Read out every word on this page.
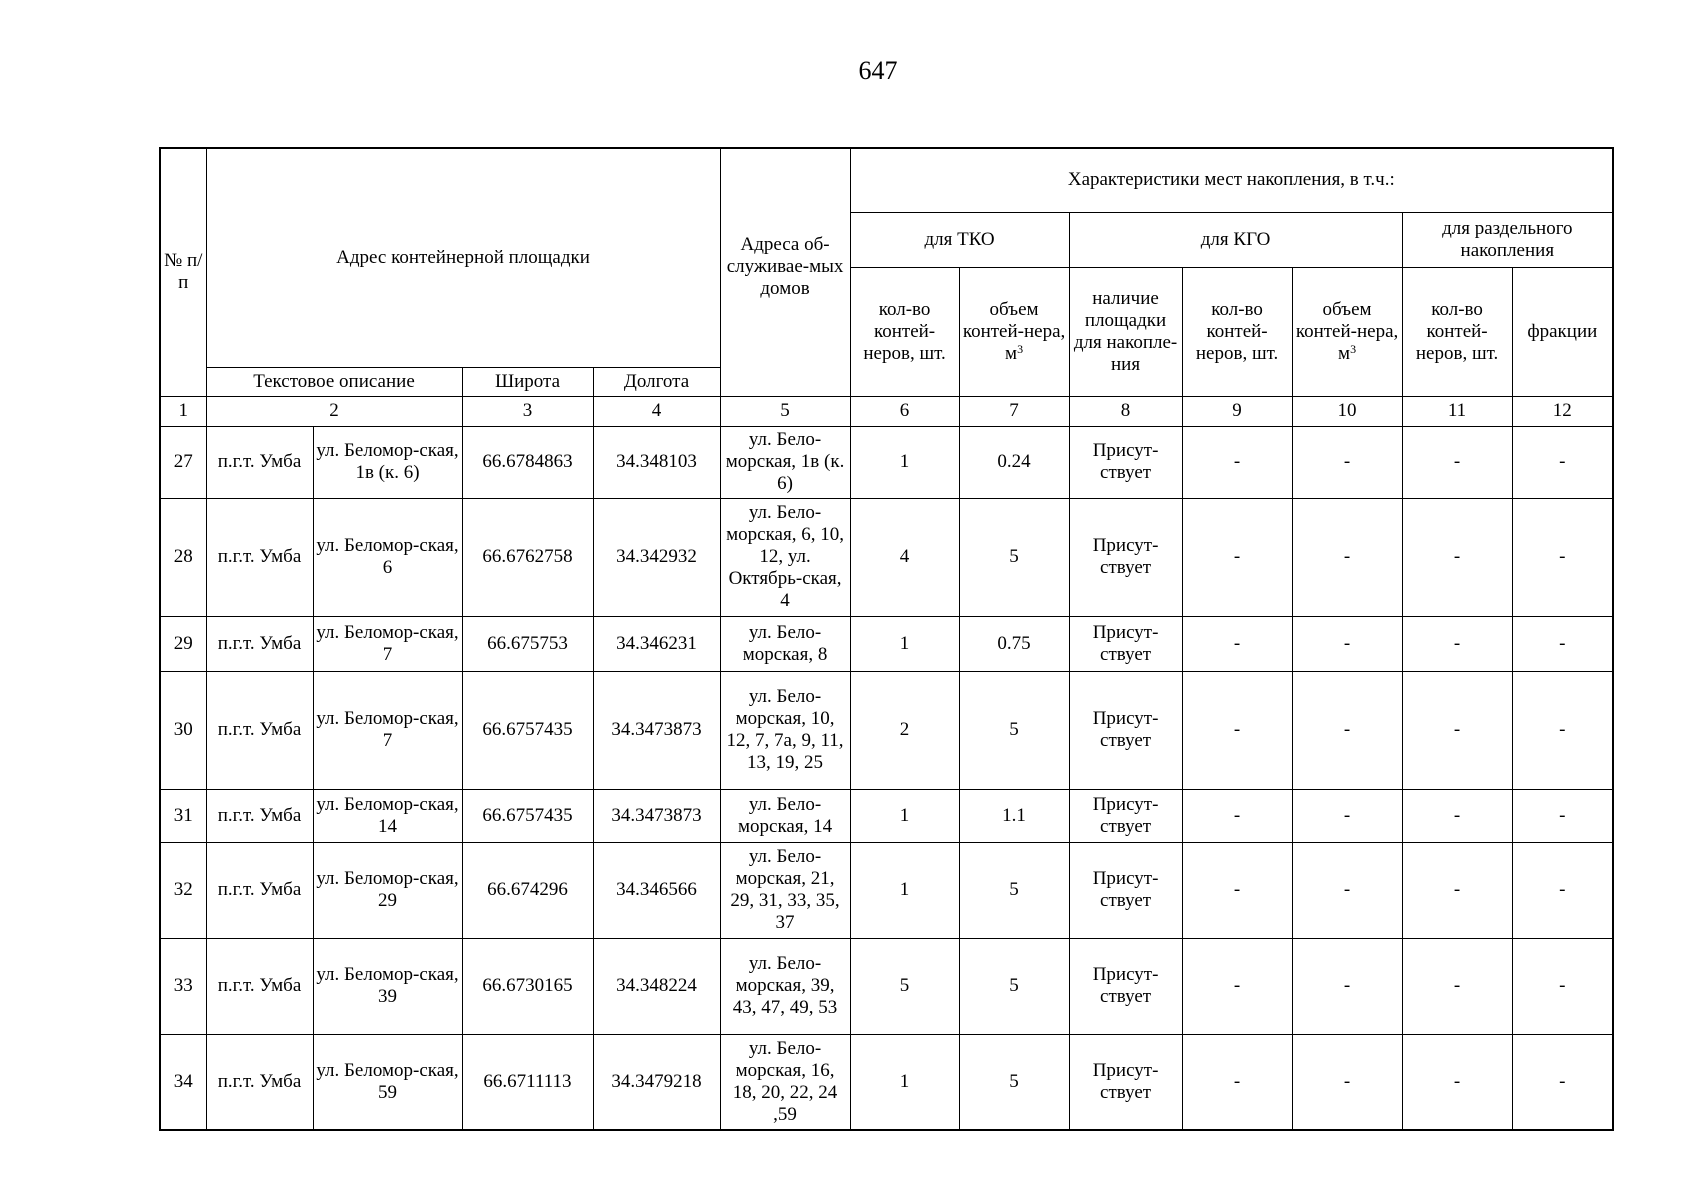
647
№ п/п	Адрес контейнерной площадки				Адреса об-служивае-мых домов	Характеристики мест накопления, в т.ч.:						
						для ТКО		для КГО			для раздельного накопления	
						кол-во контей-неров, шт.	объем контей-нера, $м^3$	наличие площадки для накопле-ния	кол-во контей-неров, шт.	объем контей-нера, $м^3$	кол-во контей-неров, шт.	фракции
	Текстовое описание		Широта	Долгота								
1	2		3	4	5	6	7	8	9	10	11	12
27	п.г.т. Умба	ул. Беломор-ская, 1в (к. 6)	66.6784863	34.348103	ул. Бело-морская, 1в (к. 6)	1	0.24	Присут-ствует	-	-	-	-
28	п.г.т. Умба	ул. Беломор-ская, 6	66.6762758	34.342932	ул. Бело-морская, 6, 10, 12, ул. Октябрь-ская, 4	4	5	Присут-ствует	-	-	-	-
29	п.г.т. Умба	ул. Беломор-ская, 7	66.675753	34.346231	ул. Бело-морская, 8	1	0.75	Присут-ствует	-	-	-	-
30	п.г.т. Умба	ул. Беломор-ская, 7	66.6757435	34.3473873	ул. Бело-морская, 10, 12, 7, 7а, 9, 11, 13, 19, 25	2	5	Присут-ствует	-	-	-	-
31	п.г.т. Умба	ул. Беломор-ская, 14	66.6757435	34.3473873	ул. Бело-морская, 14	1	1.1	Присут-ствует	-	-	-	-
32	п.г.т. Умба	ул. Беломор-ская, 29	66.674296	34.346566	ул. Бело-морская, 21, 29, 31, 33, 35, 37	1	5	Присут-ствует	-	-	-	-
33	п.г.т. Умба	ул. Беломор-ская, 39	66.6730165	34.348224	ул. Бело-морская, 39, 43, 47, 49, 53	5	5	Присут-ствует	-	-	-	-
34	п.г.т. Умба	ул. Беломор-ская, 59	66.6711113	34.3479218	ул. Бело-морская, 16, 18, 20, 22, 24 ,59	1	5	Присут-ствует	-	-	-	-
